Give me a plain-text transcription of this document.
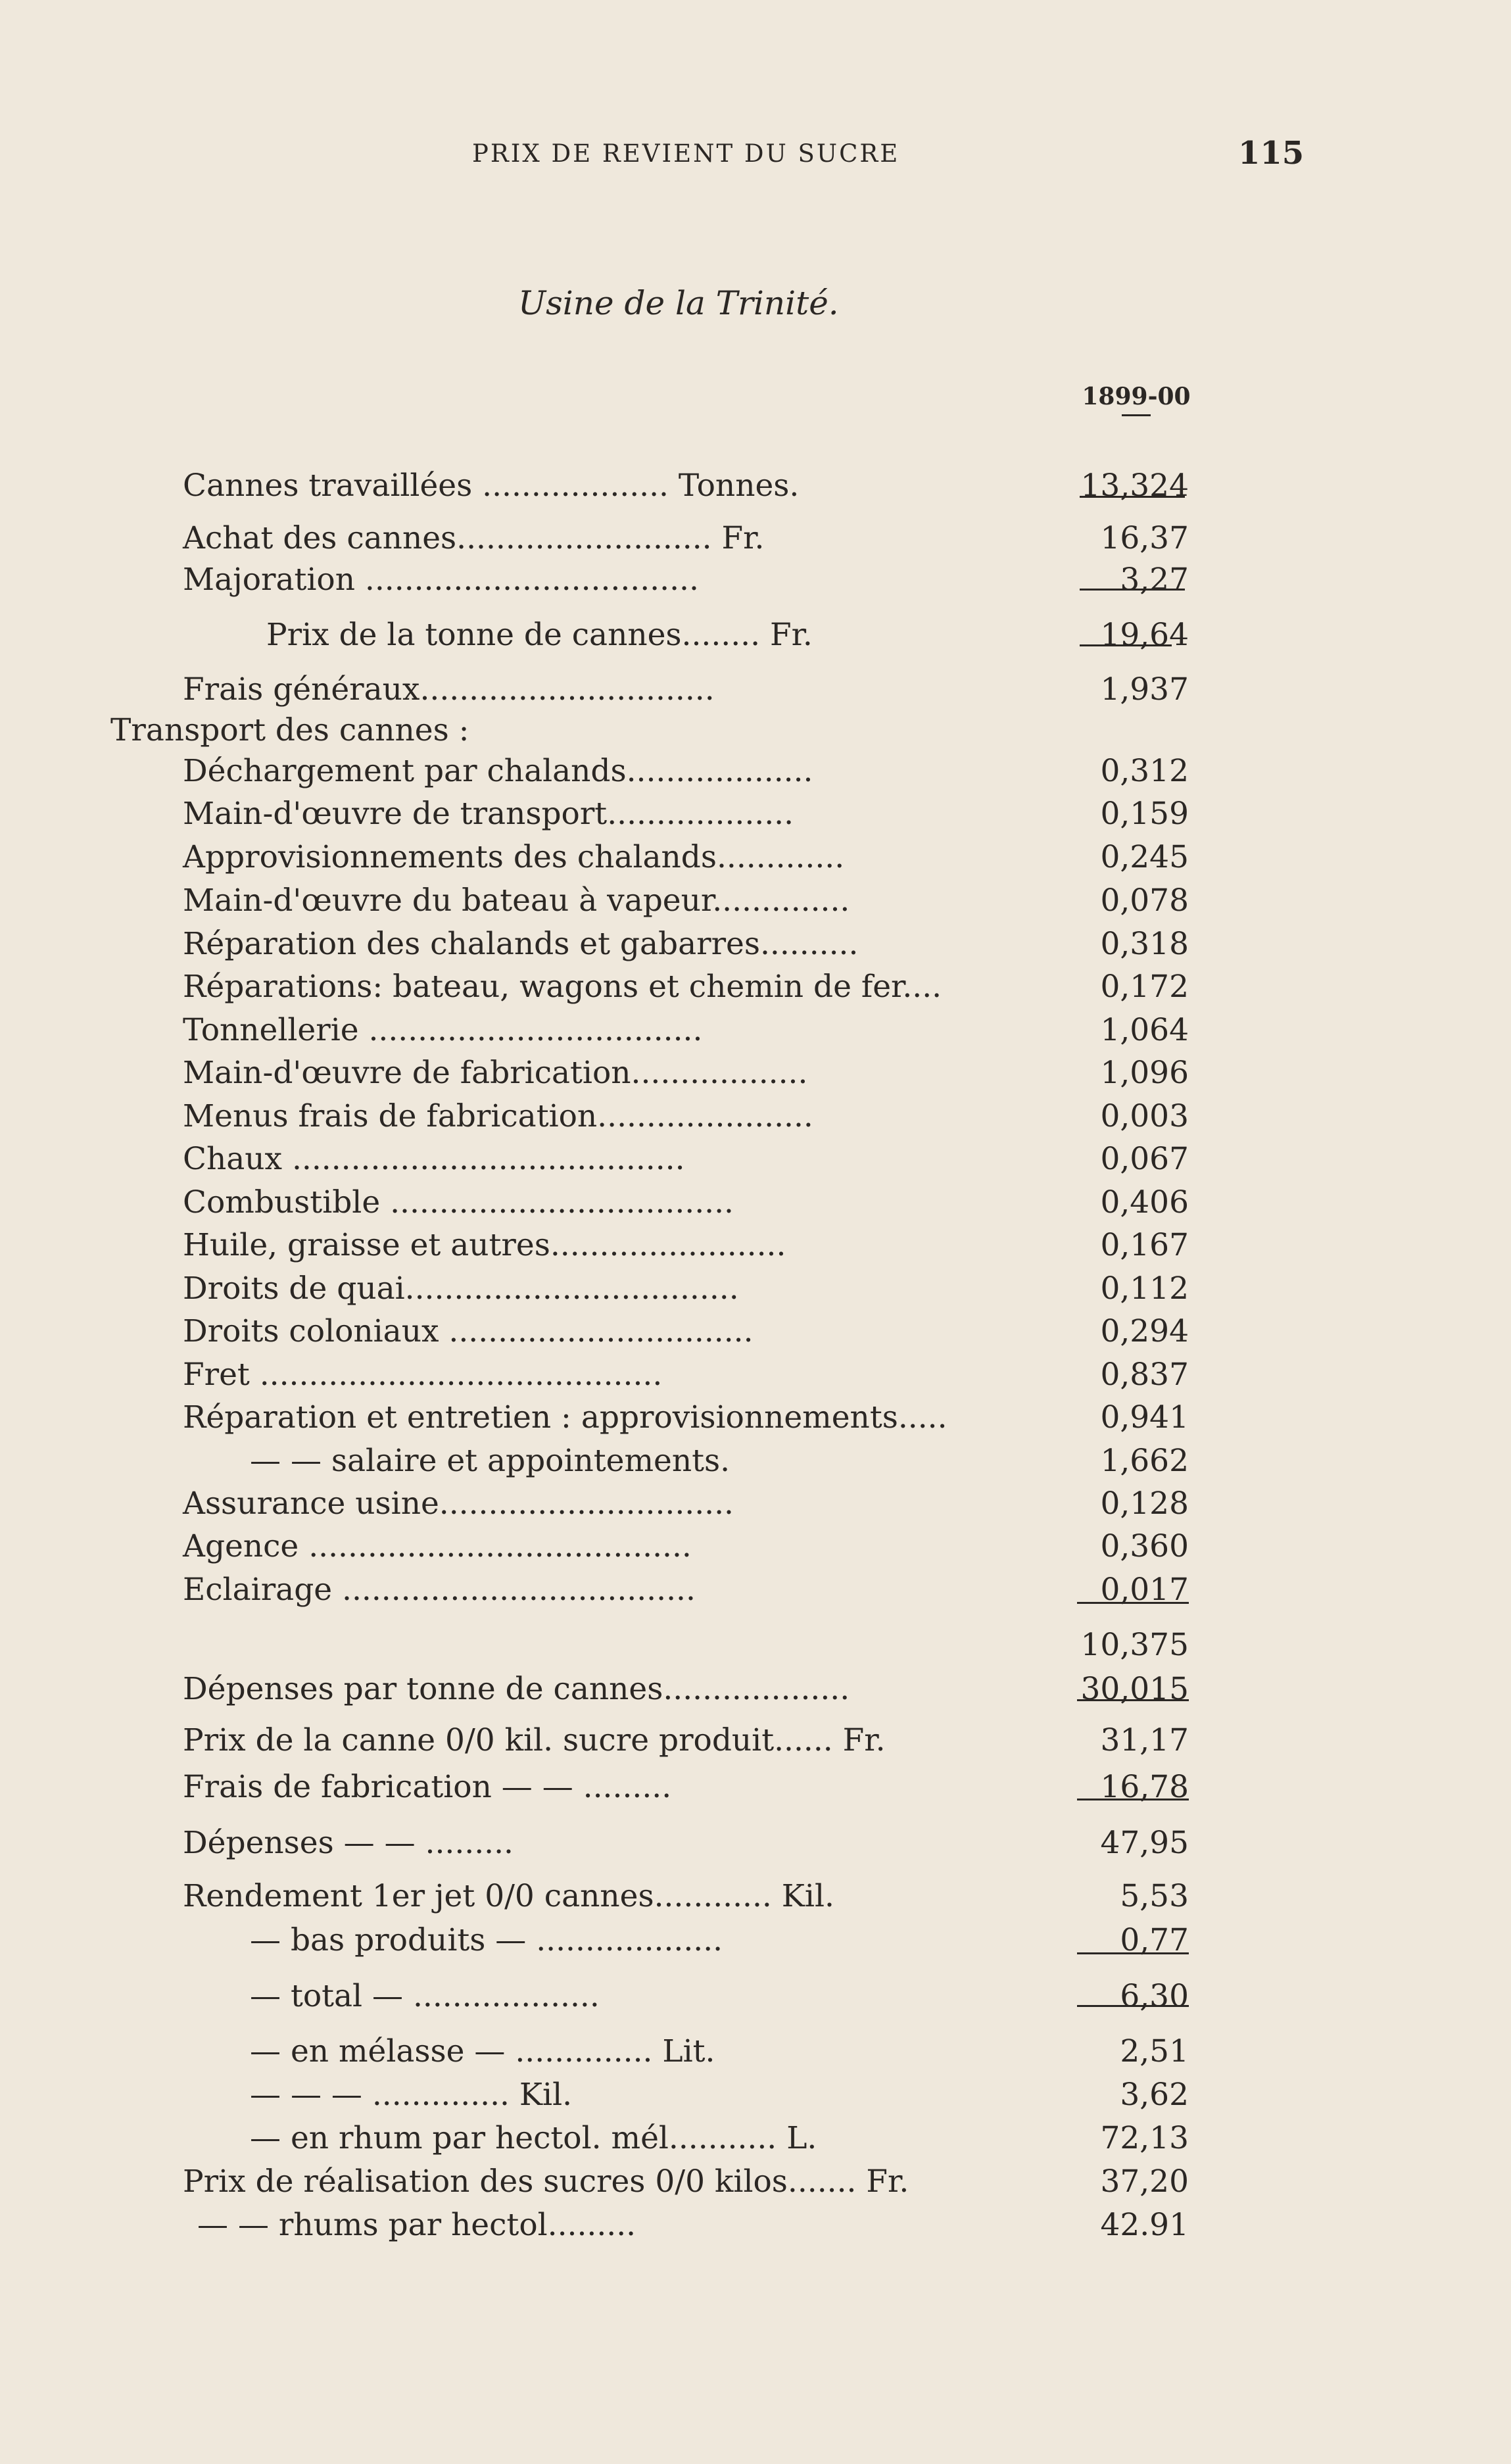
PRIX DE REVIENT DU SUCRE	115
Usine de la Trinité.
1899-00
Cannes travaillées ................... Tonnes.	13,324
Achat des cannes.......................... Fr.	16,37
Majoration ..................................	3,27
Prix de la tonne de cannes........ Fr.	19,64
Frais généraux..............................	1,937
Transport des cannes :
Déchargement par chalands...................	0,312
Main-d'œuvre de transport...................	0,159
Approvisionnements des chalands.............	0,245
Main-d'œuvre du bateau à vapeur..............	0,078
Réparation des chalands et gabarres..........	0,318
Réparations: bateau, wagons et chemin de fer....	0,172
Tonnellerie ..................................	1,064
Main-d'œuvre de fabrication..................	1,096
Menus frais de fabrication......................	0,003
Chaux ........................................	0,067
Combustible ...................................	0,406
Huile, graisse et autres........................	0,167
Droits de quai..................................	0,112
Droits coloniaux ...............................	0,294
Fret .........................................	0,837
Réparation et entretien : approvisionnements.....	0,941
— — salaire et appointements.	1,662
Assurance usine..............................	0,128
Agence .......................................	0,360
Eclairage ....................................	0,017
10,375
Dépenses par tonne de cannes...................	30,015
Prix de la canne 0/0 kil. sucre produit...... Fr.	31,17
Frais de fabrication — — .........	16,78
Dépenses — — .........	47,95
Rendement 1er jet 0/0 cannes............ Kil.	5,53
— bas produits — ...................	0,77
— total — ...................	6,30
— en mélasse — .............. Lit.	2,51
— — — .............. Kil.	3,62
— en rhum par hectol. mél........... L.	72,13
Prix de réalisation des sucres 0/0 kilos....... Fr.	37,20
— — rhums par hectol.........	42.91
